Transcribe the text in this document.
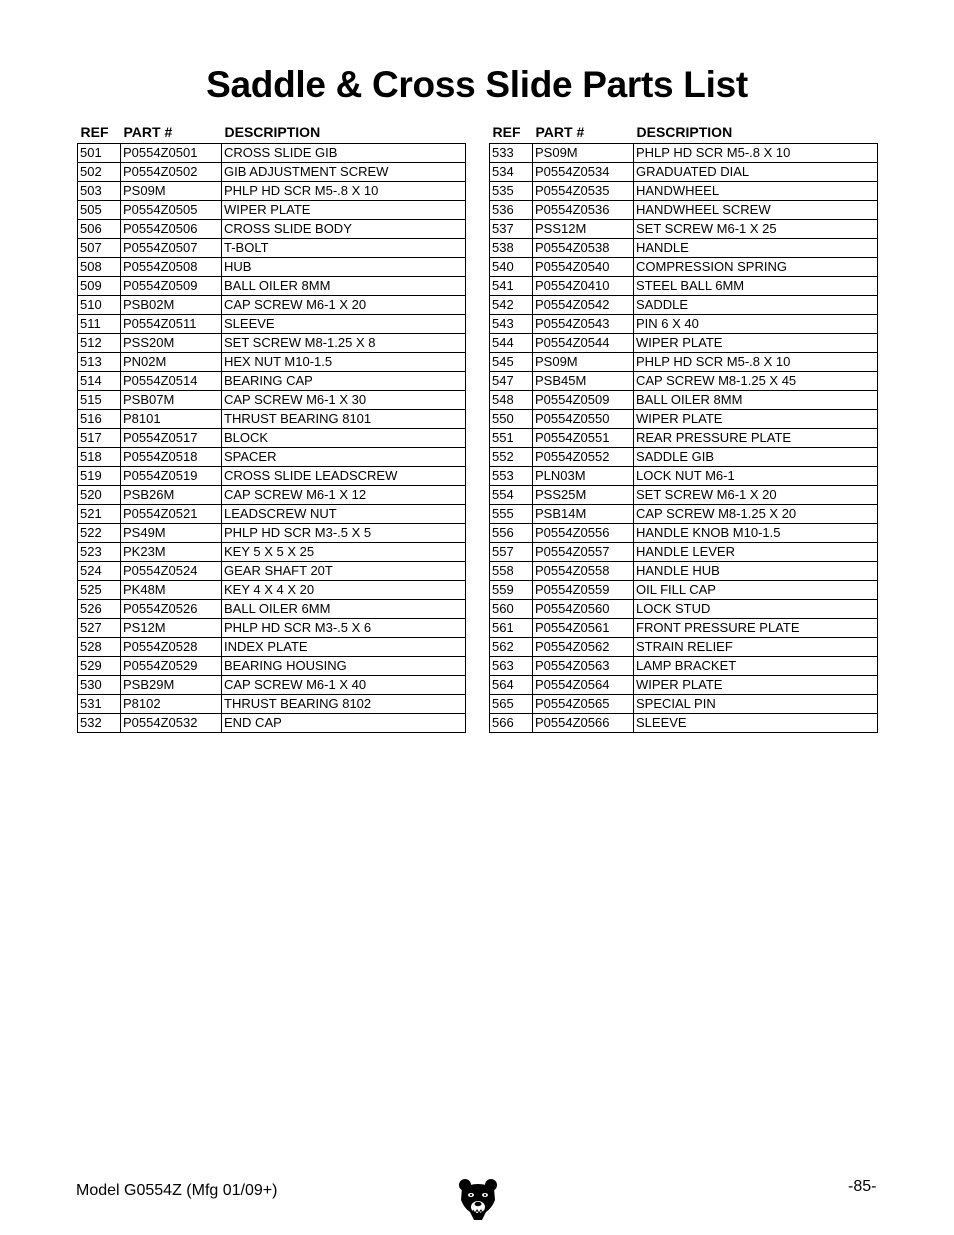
Saddle & Cross Slide Parts List
REF	PART #	DESCRIPTION
501	P0554Z0501	CROSS SLIDE GIB
502	P0554Z0502	GIB ADJUSTMENT SCREW
503	PS09M	PHLP HD SCR M5-.8 X 10
505	P0554Z0505	WIPER PLATE
506	P0554Z0506	CROSS SLIDE BODY
507	P0554Z0507	T-BOLT
508	P0554Z0508	HUB
509	P0554Z0509	BALL OILER 8MM
510	PSB02M	CAP SCREW M6-1 X 20
511	P0554Z0511	SLEEVE
512	PSS20M	SET SCREW M8-1.25 X 8
513	PN02M	HEX NUT M10-1.5
514	P0554Z0514	BEARING CAP
515	PSB07M	CAP SCREW M6-1 X 30
516	P8101	THRUST BEARING 8101
517	P0554Z0517	BLOCK
518	P0554Z0518	SPACER
519	P0554Z0519	CROSS SLIDE LEADSCREW
520	PSB26M	CAP SCREW M6-1 X 12
521	P0554Z0521	LEADSCREW NUT
522	PS49M	PHLP HD SCR M3-.5 X 5
523	PK23M	KEY 5 X 5 X 25
524	P0554Z0524	GEAR SHAFT 20T
525	PK48M	KEY 4 X 4 X 20
526	P0554Z0526	BALL OILER 6MM
527	PS12M	PHLP HD SCR M3-.5 X 6
528	P0554Z0528	INDEX PLATE
529	P0554Z0529	BEARING HOUSING
530	PSB29M	CAP SCREW M6-1 X 40
531	P8102	THRUST BEARING 8102
532	P0554Z0532	END CAP
REF	PART #	DESCRIPTION
533	PS09M	PHLP HD SCR M5-.8 X 10
534	P0554Z0534	GRADUATED DIAL
535	P0554Z0535	HANDWHEEL
536	P0554Z0536	HANDWHEEL SCREW
537	PSS12M	SET SCREW M6-1 X 25
538	P0554Z0538	HANDLE
540	P0554Z0540	COMPRESSION SPRING
541	P0554Z0410	STEEL BALL 6MM
542	P0554Z0542	SADDLE
543	P0554Z0543	PIN 6 X 40
544	P0554Z0544	WIPER PLATE
545	PS09M	PHLP HD SCR M5-.8 X 10
547	PSB45M	CAP SCREW M8-1.25 X 45
548	P0554Z0509	BALL OILER 8MM
550	P0554Z0550	WIPER PLATE
551	P0554Z0551	REAR PRESSURE PLATE
552	P0554Z0552	SADDLE GIB
553	PLN03M	LOCK NUT M6-1
554	PSS25M	SET SCREW M6-1 X 20
555	PSB14M	CAP SCREW M8-1.25 X 20
556	P0554Z0556	HANDLE KNOB M10-1.5
557	P0554Z0557	HANDLE LEVER
558	P0554Z0558	HANDLE HUB
559	P0554Z0559	OIL FILL CAP
560	P0554Z0560	LOCK STUD
561	P0554Z0561	FRONT PRESSURE PLATE
562	P0554Z0562	STRAIN RELIEF
563	P0554Z0563	LAMP BRACKET
564	P0554Z0564	WIPER PLATE
565	P0554Z0565	SPECIAL PIN
566	P0554Z0566	SLEEVE
Model G0554Z (Mfg 01/09+)	-85-
